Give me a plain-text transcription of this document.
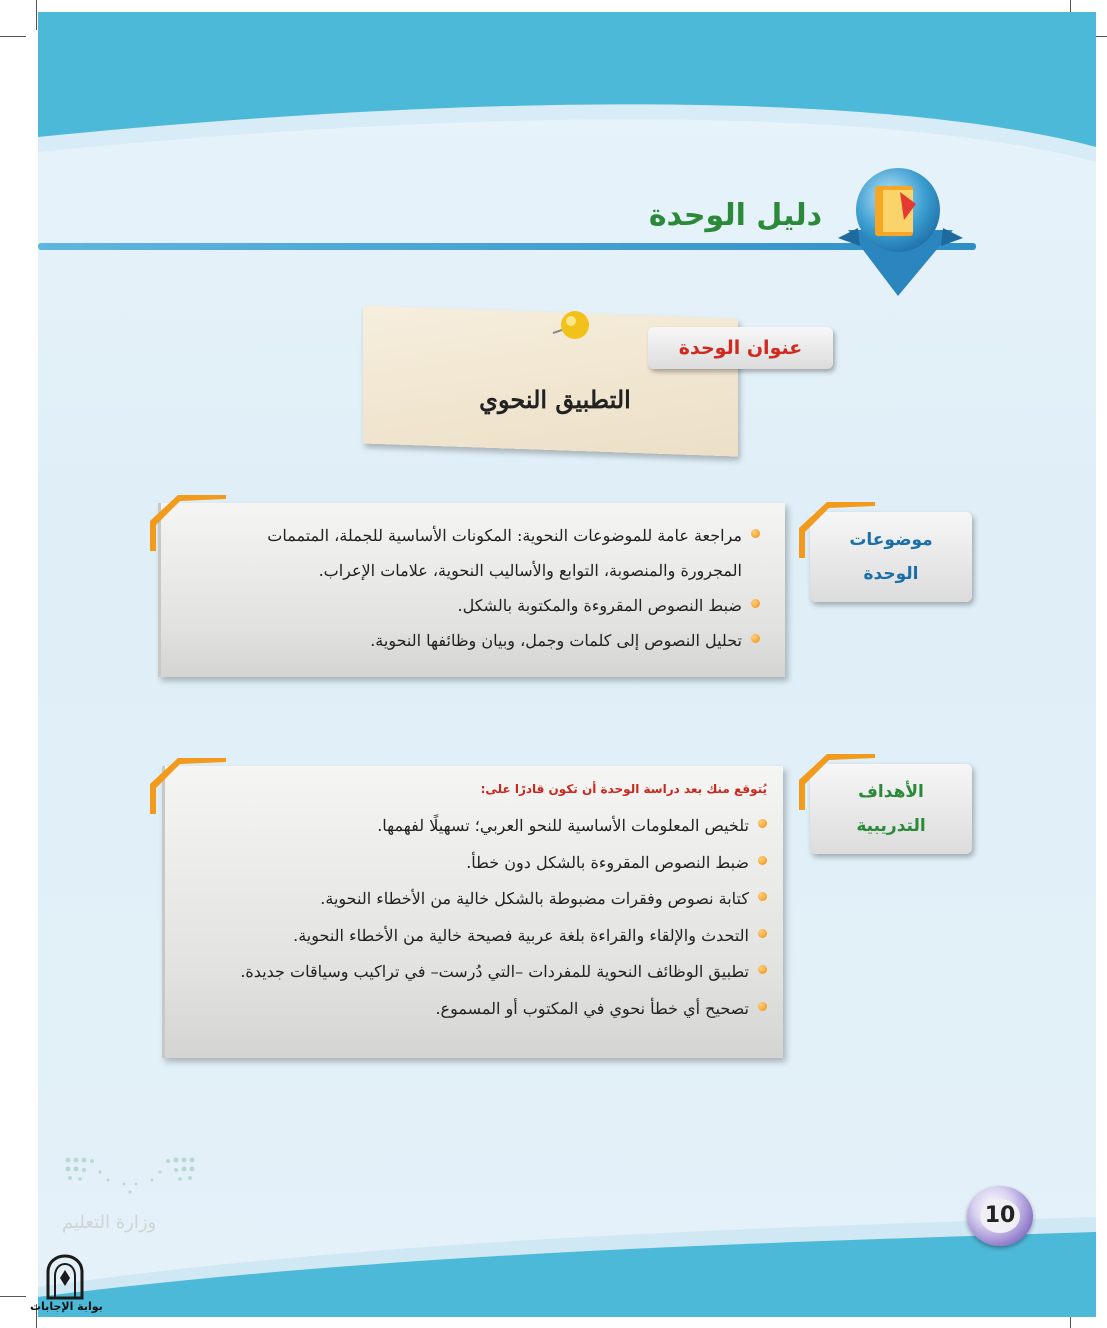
دليل الوحدة
عنوان الوحدة
التطبيق النحوي
موضوعات
الوحدة
مراجعة عامة للموضوعات النحوية: المكونات الأساسية للجملة، المتممات
المجرورة والمنصوبة، التوابع والأساليب النحوية، علامات الإعراب.
ضبط النصوص المقروءة والمكتوبة بالشكل.
تحليل النصوص إلى كلمات وجمل، وبيان وظائفها النحوية.
الأهداف
التدريبية
يُتوقع منك بعد دراسة الوحدة أن تكون قادرًا على:
تلخيص المعلومات الأساسية للنحو العربي؛ تسهيلًا لفهمها.
ضبط النصوص المقروءة بالشكل دون خطأ.
كتابة نصوص وفقرات مضبوطة بالشكل خالية من الأخطاء النحوية.
التحدث والإلقاء والقراءة بلغة عربية فصيحة خالية من الأخطاء النحوية.
تطبيق الوظائف النحوية للمفردات –التي دُرست– في تراكيب وسياقات جديدة.
تصحيح أي خطأ نحوي في المكتوب أو المسموع.
وزارة التعليم	10
بوابة الإجابات
